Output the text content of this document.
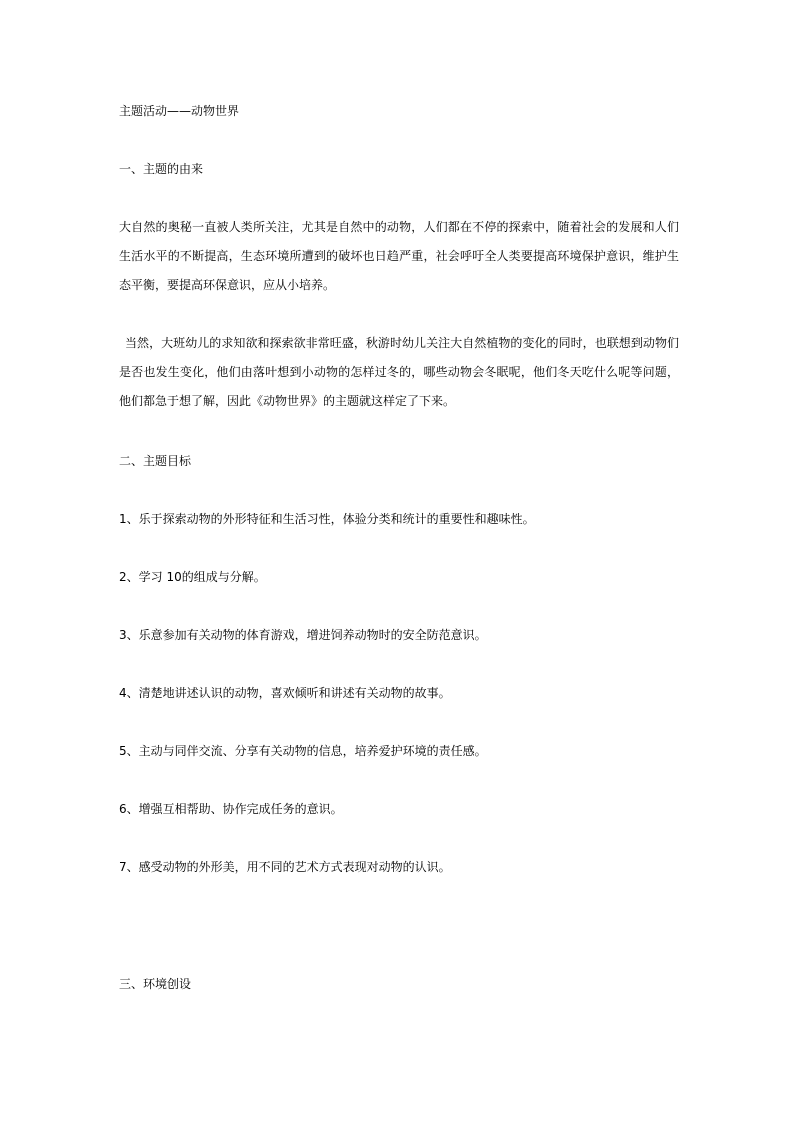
主题活动——动物世界

一、主题的由来

大自然的奥秘一直被人类所关注，尤其是自然中的动物，人们都在不停的探索中，随着社会的发展和人们生活水平的不断提高，生态环境所遭到的破坏也日趋严重，社会呼吁全人类要提高环境保护意识，维护生态平衡，要提高环保意识，应从小培养。

当然，大班幼儿的求知欲和探索欲非常旺盛，秋游时幼儿关注大自然植物的变化的同时，也联想到动物们是否也发生变化，他们由落叶想到小动物的怎样过冬的，哪些动物会冬眠呢，他们冬天吃什么呢等问题，他们都急于想了解，因此《动物世界》的主题就这样定了下来。

二、主题目标

1、乐于探索动物的外形特征和生活习性，体验分类和统计的重要性和趣味性。

2、学习 10的组成与分解。

3、乐意参加有关动物的体育游戏，增进饲养动物时的安全防范意识。

4、清楚地讲述认识的动物，喜欢倾听和讲述有关动物的故事。

5、主动与同伴交流、分享有关动物的信息，培养爱护环境的责任感。

6、增强互相帮助、协作完成任务的意识。

7、感受动物的外形美，用不同的艺术方式表现对动物的认识。

三、环境创设
